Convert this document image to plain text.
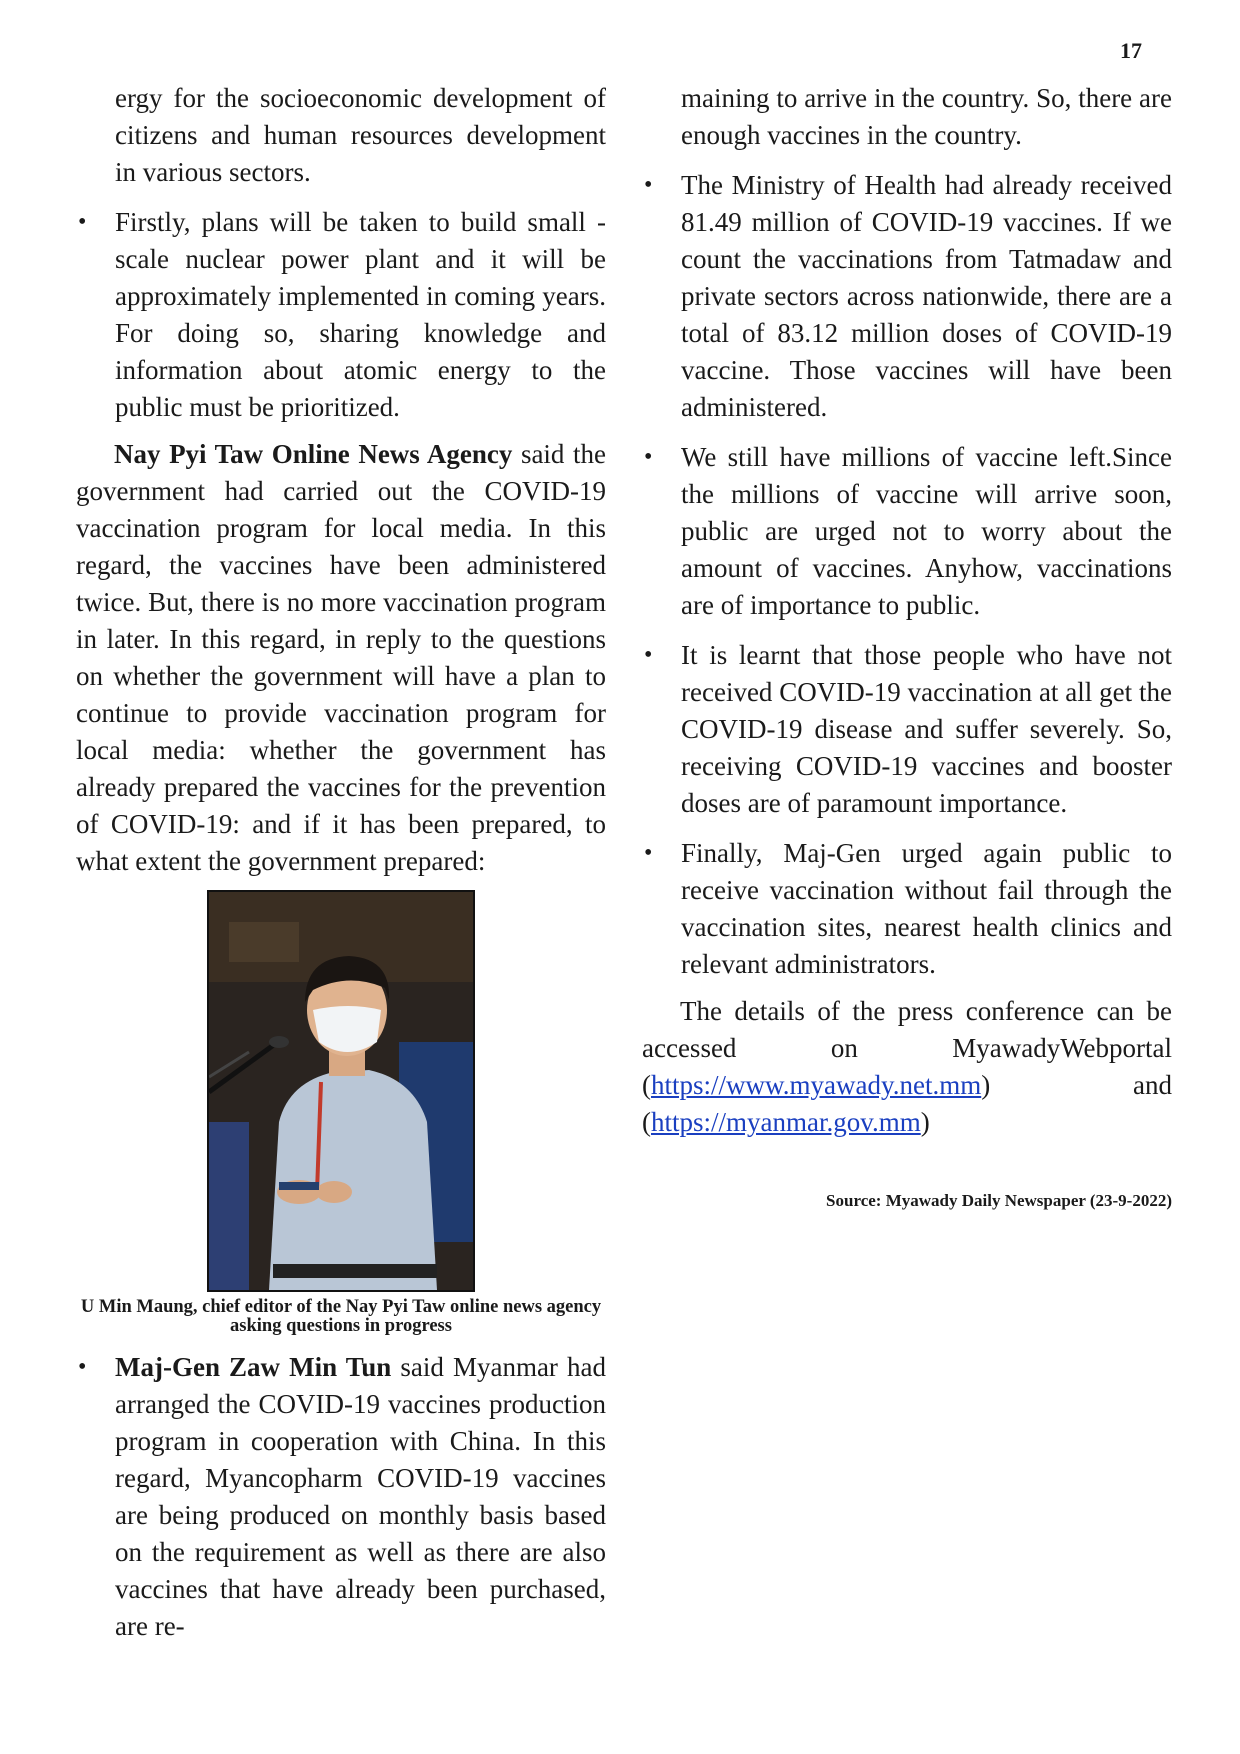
17

ergy for the socioeconomic development of citizens and human resources development in various sectors.

• Firstly, plans will be taken to build small -scale nuclear power plant and it will be approximately implemented in coming years. For doing so, sharing knowledge and information about atomic energy to the public must be prioritized.

Nay Pyi Taw Online News Agency said the government had carried out the COVID-19 vaccination program for local media. In this regard, the vaccines have been administered twice. But, there is no more vaccination program in later. In this regard, in reply to the questions on whether the government will have a plan to continue to provide vaccination program for local media: whether the government has already prepared the vaccines for the prevention of COVID-19: and if it has been prepared, to what extent the government prepared:

U Min Maung, chief editor of the Nay Pyi Taw online news agency asking questions in progress
• Maj-Gen Zaw Min Tun said Myanmar had arranged the COVID-19 vaccines production program in cooperation with China. In this regard, Myancopharm COVID-19 vaccines are being produced on monthly basis based on the requirement as well as there are also vaccines that have already been purchased, are re-

maining to arrive in the country. So, there are enough vaccines in the country.

• The Ministry of Health had already received 81.49 million of COVID-19 vaccines. If we count the vaccinations from Tatmadaw and private sectors across nationwide, there are a total of 83.12 million doses of COVID-19 vaccine. Those vaccines will have been administered.
• We still have millions of vaccine left.Since the millions of vaccine will arrive soon, public are urged not to worry about the amount of vaccines. Anyhow, vaccinations are of importance to public.
• It is learnt that those people who have not received COVID-19 vaccination at all get the COVID-19 disease and suffer severely. So, receiving COVID-19 vaccines and booster doses are of paramount importance.
• Finally, Maj-Gen urged again public to receive vaccination without fail through the vaccination sites, nearest health clinics and relevant administrators.

The details of the press conference can be accessed on MyawadyWebportal (https://www.myawady.net.mm) and (https://myanmar.gov.mm)

Source: Myawady Daily Newspaper (23-9-2022)
